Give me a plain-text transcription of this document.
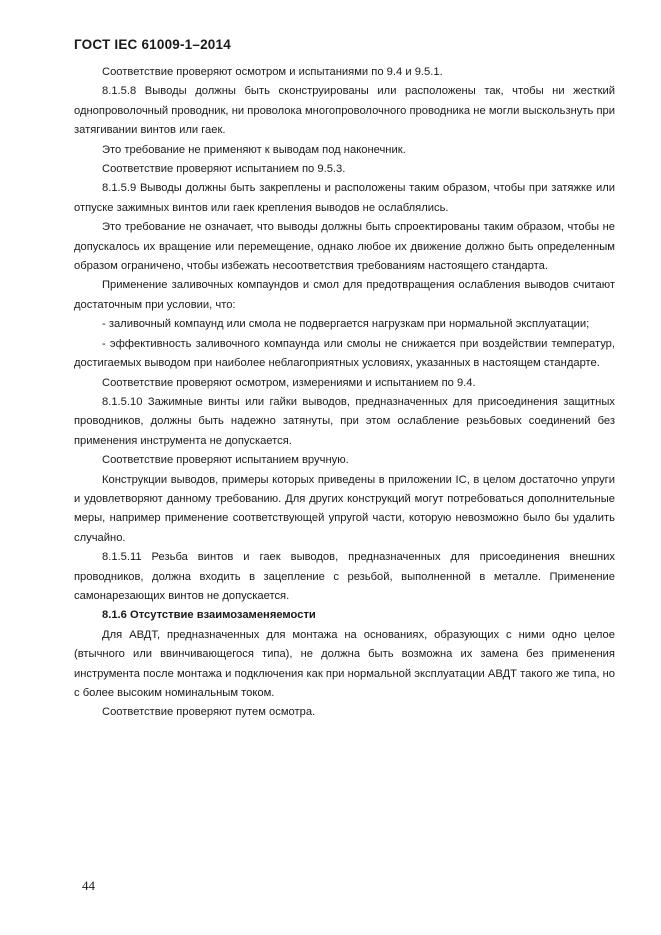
ГОСТ IEC 61009-1–2014

Соответствие проверяют осмотром и испытаниями по 9.4 и 9.5.1.

8.1.5.8 Выводы должны быть сконструированы или расположены так, чтобы ни жесткий однопроволочный проводник, ни проволока многопроволочного проводника не могли выскользнуть при затягивании винтов или гаек.

Это требование не применяют к выводам под наконечник.

Соответствие проверяют испытанием по 9.5.3.

8.1.5.9 Выводы должны быть закреплены и расположены таким образом, чтобы при затяжке или отпуске зажимных винтов или гаек крепления выводов не ослаблялись.

Это требование не означает, что выводы должны быть спроектированы таким образом, чтобы не допускалось их вращение или перемещение, однако любое их движение должно быть определенным образом ограничено, чтобы избежать несоответствия требованиям настоящего стандарта.

Применение заливочных компаундов и смол для предотвращения ослабления выводов считают достаточным при условии, что:

- заливочный компаунд или смола не подвергается нагрузкам при нормальной эксплуатации;

- эффективность заливочного компаунда или смолы не снижается при воздействии температур, достигаемых выводом при наиболее неблагоприятных условиях, указанных в настоящем стандарте.

Соответствие проверяют осмотром, измерениями и испытанием по 9.4.

8.1.5.10 Зажимные винты или гайки выводов, предназначенных для присоединения защитных проводников, должны быть надежно затянуты, при этом ослабление резьбовых соединений без применения инструмента не допускается.

Соответствие проверяют испытанием вручную.

Конструкции выводов, примеры которых приведены в приложении IC, в целом достаточно упруги и удовлетворяют данному требованию. Для других конструкций могут потребоваться дополнительные меры, например применение соответствующей упругой части, которую невозможно было бы удалить случайно.

8.1.5.11 Резьба винтов и гаек выводов, предназначенных для присоединения внешних проводников, должна входить в зацепление с резьбой, выполненной в металле. Применение самонарезающих винтов не допускается.

8.1.6 Отсутствие взаимозаменяемости

Для АВДТ, предназначенных для монтажа на основаниях, образующих с ними одно целое (втычного или ввинчивающегося типа), не должна быть возможна их замена без применения инструмента после монтажа и подключения как при нормальной эксплуатации АВДТ такого же типа, но с более высоким номинальным током.

Соответствие проверяют путем осмотра.

44
